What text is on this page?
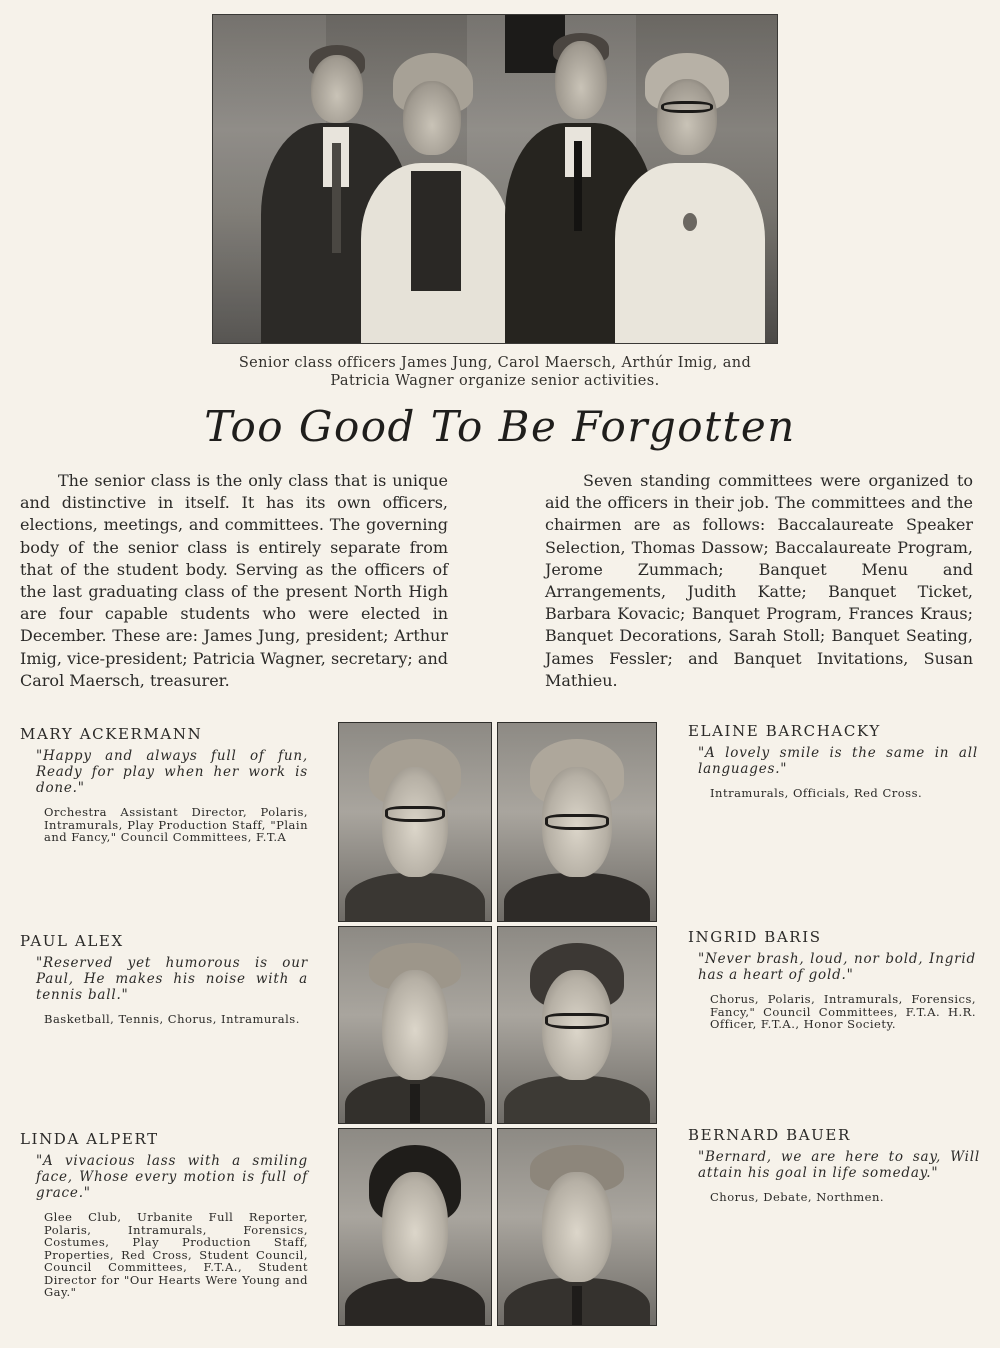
Senior class officers James Jung, Carol Maersch, Arthúr Imig, and
Patricia Wagner organize senior activities.
Too Good To Be Forgotten

The senior class is the only class that is unique and distinctive in itself. It has its own officers, elections, meetings, and committees. The governing body of the senior class is entirely separate from that of the student body. Serving as the officers of the last graduating class of the present North High are four capable students who were elected in December. These are: James Jung, president; Arthur Imig, vice-president; Patricia Wagner, secretary; and Carol Maersch, treasurer.

Seven standing committees were organized to aid the officers in their job. The committees and the chairmen are as follows: Baccalaureate Speaker Selection, Thomas Dassow; Baccalaureate Program, Jerome Zummach; Banquet Menu and Arrangements, Judith Katte; Banquet Ticket, Barbara Kovacic; Banquet Program, Frances Kraus; Banquet Decorations, Sarah Stoll; Banquet Seating, James Fessler; and Banquet Invitations, Susan Mathieu.

MARY ACKERMANN
"Happy and always full of fun, Ready for play when her work is done."
Orchestra Assistant Director, Polaris, Intramurals, Play Production Staff, "Plain and Fancy," Council Committees, F.T.A
ELAINE BARCHACKY
"A lovely smile is the same in all languages."
Intramurals, Officials, Red Cross.
PAUL ALEX
"Reserved yet humorous is our Paul, He makes his noise with a tennis ball."
Basketball, Tennis, Chorus, Intramurals.
INGRID BARIS
"Never brash, loud, nor bold, Ingrid has a heart of gold."
Chorus, Polaris, Intramurals, Forensics, Fancy," Council Committees, F.T.A. H.R. Officer, F.T.A., Honor Society.
LINDA ALPERT
"A vivacious lass with a smiling face, Whose every motion is full of grace."
Glee Club, Urbanite Full Reporter, Polaris, Intramurals, Forensics, Costumes, Play Production Staff, Properties, Red Cross, Student Council, Council Committees, F.T.A., Student Director for "Our Hearts Were Young and Gay."
BERNARD BAUER
"Bernard, we are here to say, Will attain his goal in life someday."
Chorus, Debate, Northmen.
